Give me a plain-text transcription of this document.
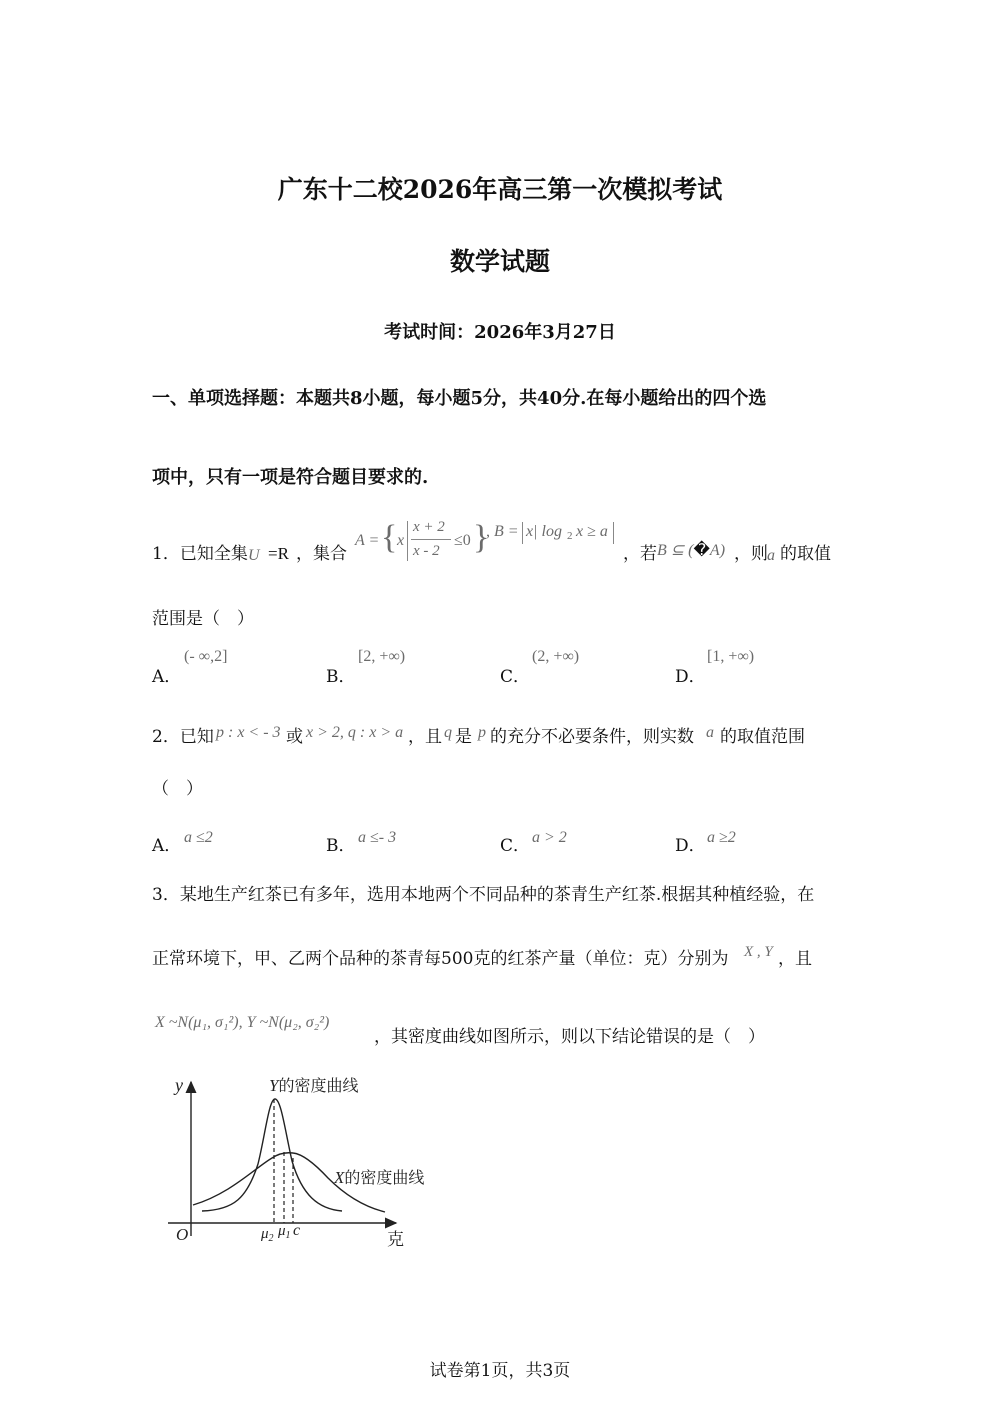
广东十二校2026年高三第一次模拟考试
数学试题
考试时间：2026年3月27日
一、单项选择题：本题共8小题，每小题5分，共40分.在每小题给出的四个选
项中，只有一项是符合题目要求的.
1．已知全集 U =R ，集合
A = { x
x + 2
x - 2
≤0 }
, B = x| log 2 x ≥ a
，若 B ⊆ (�A) ，则 a 的取值
范围是（　）
A．
(- ∞,2]
B．
[2, +∞)
C．
(2, +∞)
D．
[1, +∞)
2．已知 p : x < - 3 或 x > 2, q : x > a ，且 q 是 p 的充分不必要条件，则实数 a 的取值范围
（　）
A． a ≤2	B． a ≤- 3	C． a > 2	D． a ≥2
3．某地生产红茶已有多年，选用本地两个不同品种的茶青生产红茶.根据其种植经验，在
正常环境下，甲、乙两个品种的茶青每500克的红茶产量（单位：克）分别为 X , Y ，且
X ~N(μ₁, σ₁²), Y ~N(μ₂, σ₂²)
，其密度曲线如图所示，则以下结论错误的是（　）
y
O	克
Y的密度曲线
X的密度曲线
$\mu_2$ $\mu_1$ c
试卷第1页，共3页
